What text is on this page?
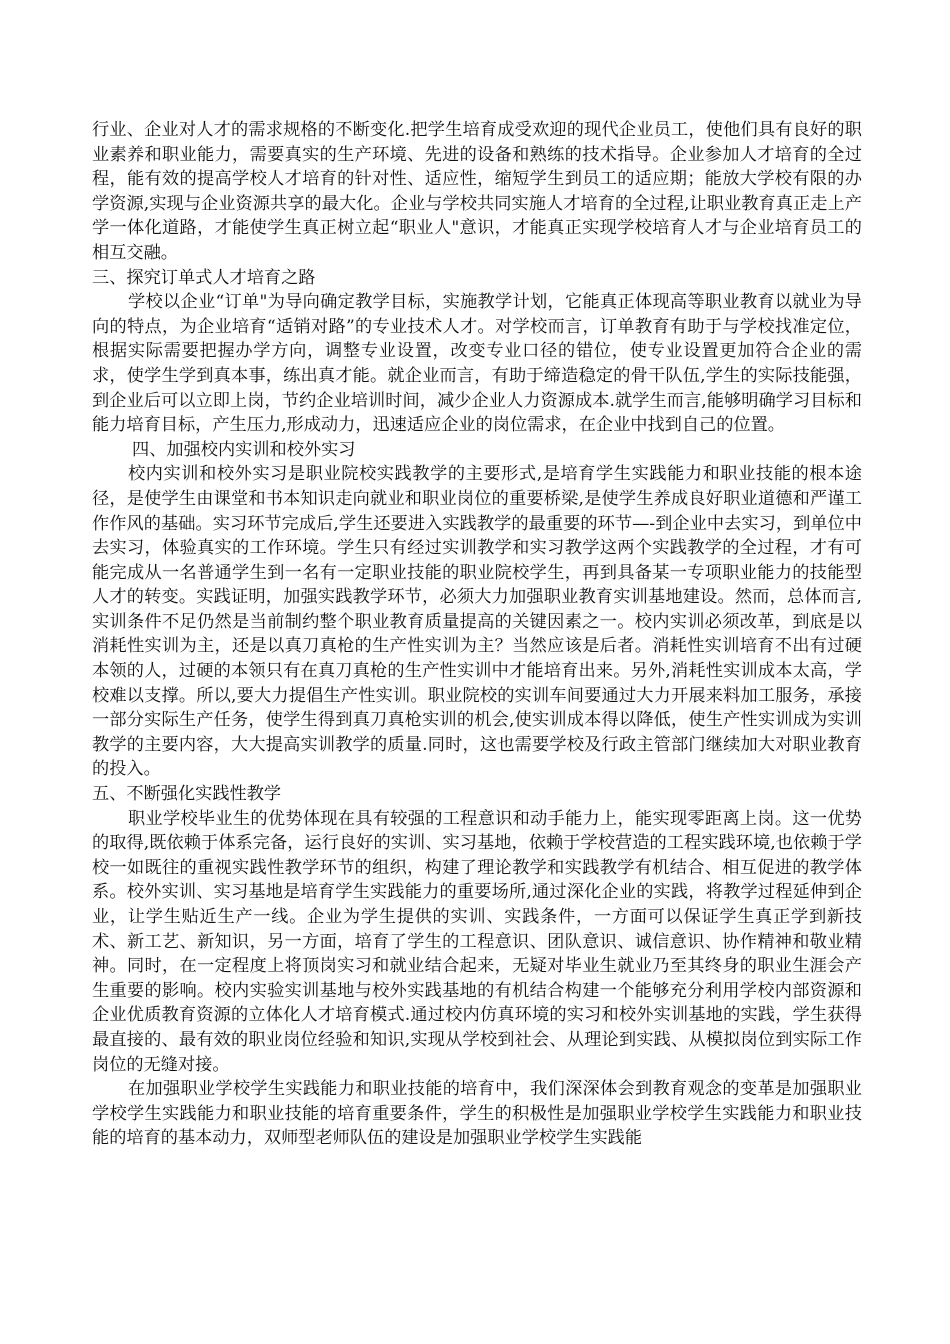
行业、企业对人才的需求规格的不断变化.把学生培育成受欢迎的现代企业员工，使他们具有良好的职业素养和职业能力，需要真实的生产环境、先进的设备和熟练的技术指导。企业参加人才培育的全过程，能有效的提高学校人才培育的针对性、适应性，缩短学生到员工的适应期；能放大学校有限的办学资源,实现与企业资源共享的最大化。企业与学校共同实施人才培育的全过程,让职业教育真正走上产学一体化道路，才能使学生真正树立起“职业人"意识，才能真正实现学校培育人才与企业培育员工的相互交融。

三、探究订单式人才培育之路

学校以企业“订单"为导向确定教学目标，实施教学计划，它能真正体现高等职业教育以就业为导向的特点，为企业培育“适销对路”的专业技术人才。对学校而言，订单教育有助于与学校找准定位，根据实际需要把握办学方向，调整专业设置，改变专业口径的错位，使专业设置更加符合企业的需求，使学生学到真本事，练出真才能。就企业而言，有助于缔造稳定的骨干队伍,学生的实际技能强，到企业后可以立即上岗，节约企业培训时间，减少企业人力资源成本.就学生而言,能够明确学习目标和能力培育目标，产生压力,形成动力，迅速适应企业的岗位需求，在企业中找到自己的位置。

四、加强校内实训和校外实习

校内实训和校外实习是职业院校实践教学的主要形式,是培育学生实践能力和职业技能的根本途径，是使学生由课堂和书本知识走向就业和职业岗位的重要桥梁,是使学生养成良好职业道德和严谨工作作风的基础。实习环节完成后,学生还要进入实践教学的最重要的环节—-到企业中去实习，到单位中去实习，体验真实的工作环境。学生只有经过实训教学和实习教学这两个实践教学的全过程，才有可能完成从一名普通学生到一名有一定职业技能的职业院校学生，再到具备某一专项职业能力的技能型人才的转变。实践证明，加强实践教学环节，必须大力加强职业教育实训基地建设。然而，总体而言,实训条件不足仍然是当前制约整个职业教育质量提高的关键因素之一。校内实训必须改革，到底是以消耗性实训为主，还是以真刀真枪的生产性实训为主？当然应该是后者。消耗性实训培育不出有过硬本领的人，过硬的本领只有在真刀真枪的生产性实训中才能培育出来。另外,消耗性实训成本太高，学校难以支撑。所以,要大力提倡生产性实训。职业院校的实训车间要通过大力开展来料加工服务，承接一部分实际生产任务，使学生得到真刀真枪实训的机会,使实训成本得以降低，使生产性实训成为实训教学的主要内容，大大提高实训教学的质量.同时，这也需要学校及行政主管部门继续加大对职业教育的投入。

五、不断强化实践性教学

职业学校毕业生的优势体现在具有较强的工程意识和动手能力上，能实现零距离上岗。这一优势的取得,既依赖于体系完备，运行良好的实训、实习基地，依赖于学校营造的工程实践环境,也依赖于学校一如既往的重视实践性教学环节的组织，构建了理论教学和实践教学有机结合、相互促进的教学体系。校外实训、实习基地是培育学生实践能力的重要场所,通过深化企业的实践，将教学过程延伸到企业，让学生贴近生产一线。企业为学生提供的实训、实践条件，一方面可以保证学生真正学到新技术、新工艺、新知识，另一方面，培育了学生的工程意识、团队意识、诚信意识、协作精神和敬业精神。同时，在一定程度上将顶岗实习和就业结合起来，无疑对毕业生就业乃至其终身的职业生涯会产生重要的影响。校内实验实训基地与校外实践基地的有机结合构建一个能够充分利用学校内部资源和企业优质教育资源的立体化人才培育模式.通过校内仿真环境的实习和校外实训基地的实践，学生获得最直接的、最有效的职业岗位经验和知识,实现从学校到社会、从理论到实践、从模拟岗位到实际工作岗位的无缝对接。

在加强职业学校学生实践能力和职业技能的培育中，我们深深体会到教育观念的变革是加强职业学校学生实践能力和职业技能的培育重要条件，学生的积极性是加强职业学校学生实践能力和职业技能的培育的基本动力，双师型老师队伍的建设是加强职业学校学生实践能
